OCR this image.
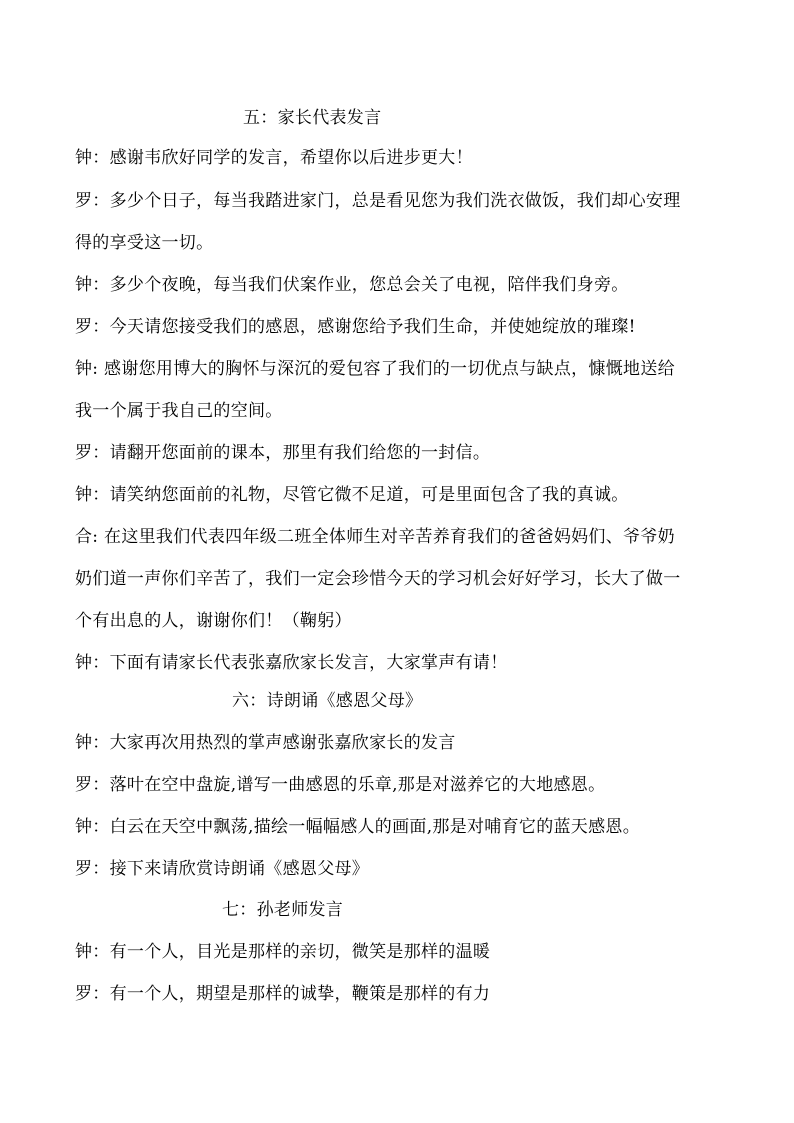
五：家长代表发言
钟：感谢韦欣好同学的发言，希望你以后进步更大！
罗：多少个日子，每当我踏进家门，总是看见您为我们洗衣做饭，我们却心安理
得的享受这一切。
钟：多少个夜晚，每当我们伏案作业，您总会关了电视，陪伴我们身旁。
罗：今天请您接受我们的感恩，感谢您给予我们生命，并使她绽放的璀璨!
钟: 感谢您用博大的胸怀与深沉的爱包容了我们的一切优点与缺点，慷慨地送给
我一个属于我自己的空间。
罗：请翻开您面前的课本，那里有我们给您的一封信。
钟：请笑纳您面前的礼物，尽管它微不足道，可是里面包含了我的真诚。
合: 在这里我们代表四年级二班全体师生对辛苦养育我们的爸爸妈妈们、爷爷奶
奶们道一声你们辛苦了，我们一定会珍惜今天的学习机会好好学习，长大了做一
个有出息的人，谢谢你们！（鞠躬）
钟：下面有请家长代表张嘉欣家长发言，大家掌声有请！
六：诗朗诵《感恩父母》
钟：大家再次用热烈的掌声感谢张嘉欣家长的发言
罗：落叶在空中盘旋,谱写一曲感恩的乐章,那是对滋养它的大地感恩。
钟：白云在天空中飘荡,描绘一幅幅感人的画面,那是对哺育它的蓝天感恩。
罗：接下来请欣赏诗朗诵《感恩父母》
七：孙老师发言
钟：有一个人，目光是那样的亲切，微笑是那样的温暖
罗：有一个人，期望是那样的诚挚，鞭策是那样的有力
